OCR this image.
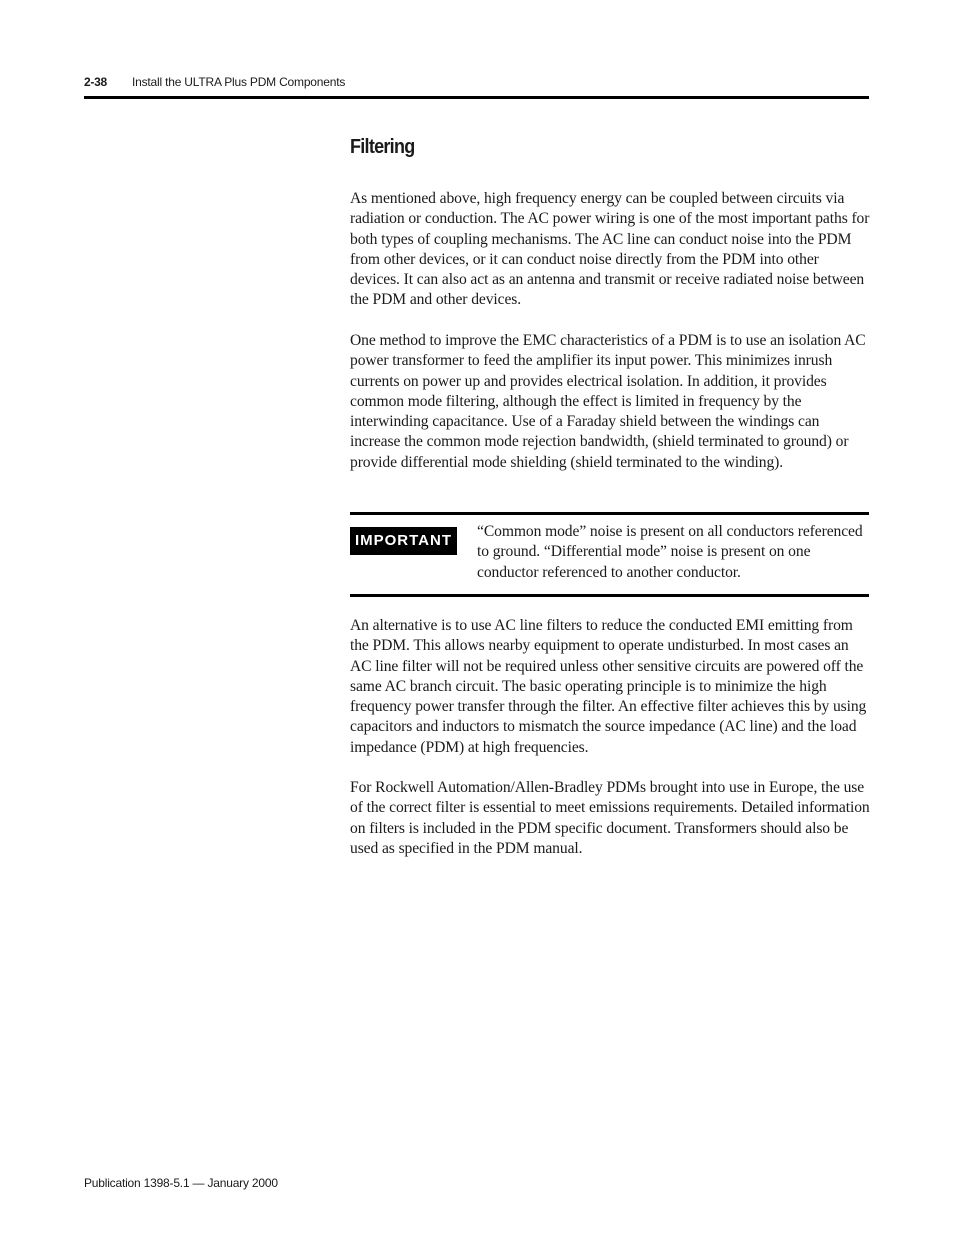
2-38 Install the ULTRA Plus PDM Components
Filtering

As mentioned above, high frequency energy can be coupled between circuits via radiation or conduction. The AC power wiring is one of the most important paths for both types of coupling mechanisms. The AC line can conduct noise into the PDM from other devices, or it can conduct noise directly from the PDM into other devices. It can also act as an antenna and transmit or receive radiated noise between the PDM and other devices.

One method to improve the EMC characteristics of a PDM is to use an isolation AC power transformer to feed the amplifier its input power. This minimizes inrush currents on power up and provides electrical isolation. In addition, it provides common mode filtering, although the effect is limited in frequency by the interwinding capacitance. Use of a Faraday shield between the windings can increase the common mode rejection bandwidth, (shield terminated to ground) or provide differential mode shielding (shield terminated to the winding).

IMPORTANT

“Common mode” noise is present on all conductors referenced to ground. “Differential mode” noise is present on one conductor referenced to another conductor.

An alternative is to use AC line filters to reduce the conducted EMI emitting from the PDM. This allows nearby equipment to operate undisturbed. In most cases an AC line filter will not be required unless other sensitive circuits are powered off the same AC branch circuit. The basic operating principle is to minimize the high frequency power transfer through the filter. An effective filter achieves this by using capacitors and inductors to mismatch the source impedance (AC line) and the load impedance (PDM) at high frequencies.

For Rockwell Automation/Allen-Bradley PDMs brought into use in Europe, the use of the correct filter is essential to meet emissions requirements. Detailed information on filters is included in the PDM specific document. Transformers should also be used as specified in the PDM manual.

Publication 1398-5.1 — January 2000
